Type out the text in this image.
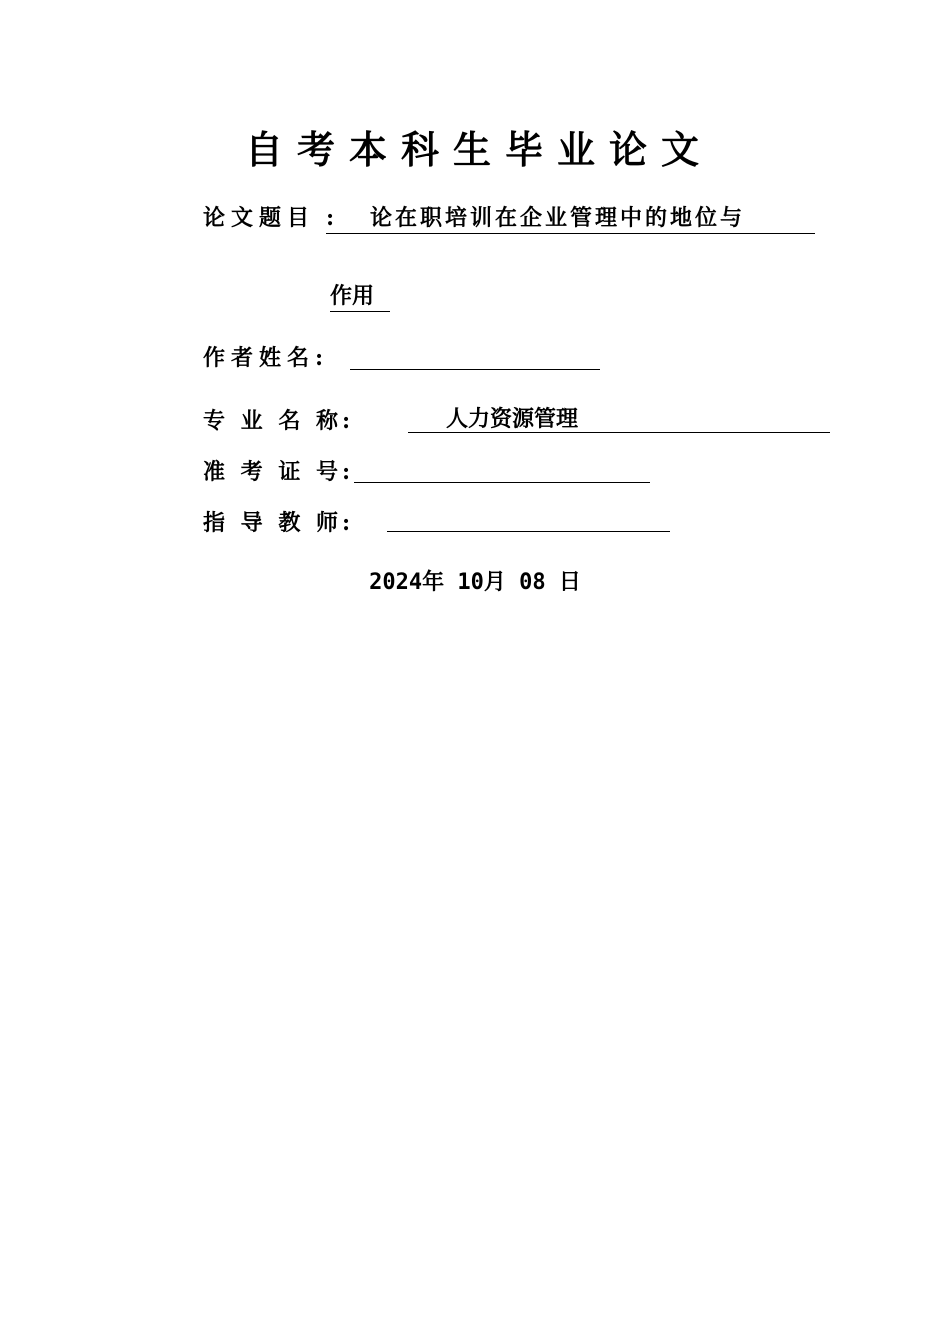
自考本科生毕业论文
论文题目 : 论在职培训在企业管理中的地位与
作用
作者姓名:
专 业 名 称:	人力资源管理
准 考 证 号:
指 导 教 师:
2024年 10月 08 日
